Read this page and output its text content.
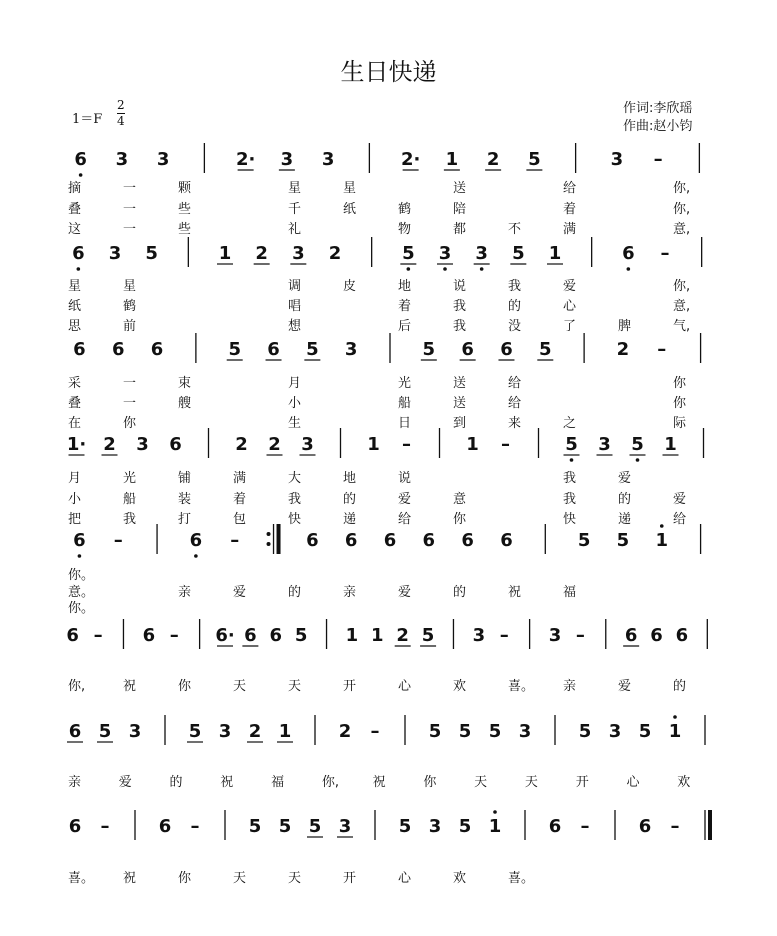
生日快递
1＝F
2
4
作词:李欣瑶
作曲:赵小钧
6 3 3	2· 3 3	2· 1 2 5	3 –
摘	一	颗	星	星	送	给	你,
叠	一	些	千	纸	鹤	陪	着	你,
这	一	些	礼	物	都	不	满	意,
6 3 5	1 2 3 2	5 3 3 5 1	6 –
星	星	调	皮	地	说	我	爱	你,
纸	鹤	唱	着	我	的	心	意,
思	前	想	后	我	没	了	脾	气,
6 6 6	5 6 5 3	5 6 6 5	2 –
采	一	束	月	光	送	给	你
叠	一	艘	小	船	送	给	你
在	你	生	日	到	来	之	际
1· 2 3 6	2 2 3	1 –	1 –	5 3 5 1
月	光	铺	满	大	地	说	我	爱
小	船	装	着	我	的	爱	意	我	的	爱
把	我	打	包	快	递	给	你	快	递	给
6 –	6 –	6 6 6 6 6 6	5 5 1
你。
意。	亲	爱	的	亲	爱	的	祝	福
你。
6 – 6 – 6· 6 6 5 1 1 2 5 3 – 3 – 6 6 6
你,	祝	你	天	天	开	心	欢	喜。 亲	爱	的
6 5 3	5 3 2 1	2 –	5 5 5 3	5 3 5 1
亲	爱	的	祝	福	你,	祝	你	天	天	开	心	欢
6 –	6 –	5 5 5 3	5 3 5 1	6 –	6 –
喜。 祝	你	天	天	开	心	欢	喜。
